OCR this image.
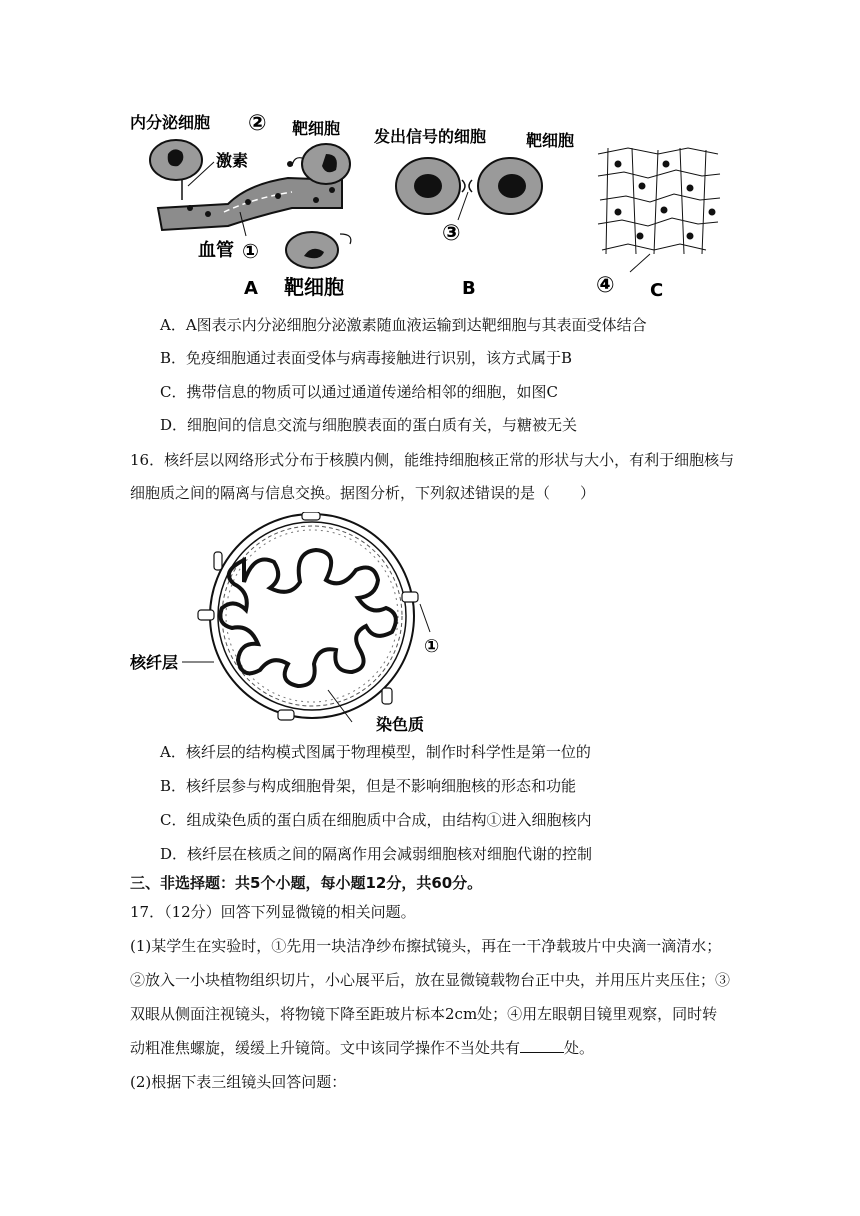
内分泌细胞
激素
血管 ①
② 靶细胞
A 靶细胞
发出信号的细胞 靶细胞
③
B	④ C
A．A图表示内分泌细胞分泌激素随血液运输到达靶细胞与其表面受体结合
B．免疫细胞通过表面受体与病毒接触进行识别，该方式属于B
C．携带信息的物质可以通过通道传递给相邻的细胞，如图C
D．细胞间的信息交流与细胞膜表面的蛋白质有关，与糖被无关
16．核纤层以网络形式分布于核膜内侧，能维持细胞核正常的形状与大小，有利于细胞核与
细胞质之间的隔离与信息交换。据图分析，下列叙述错误的是（　　）
①
核纤层
染色质
A．核纤层的结构模式图属于物理模型，制作时科学性是第一位的
B．核纤层参与构成细胞骨架，但是不影响细胞核的形态和功能
C．组成染色质的蛋白质在细胞质中合成，由结构①进入细胞核内
D．核纤层在核质之间的隔离作用会减弱细胞核对细胞代谢的控制
三、非选择题：共5个小题，每小题12分，共60分。
17．（12分）回答下列显微镜的相关问题。
(1)某学生在实验时，①先用一块洁净纱布擦拭镜头，再在一干净载玻片中央滴一滴清水；
②放入一小块植物组织切片，小心展平后，放在显微镜载物台正中央，并用压片夹压住；③
双眼从侧面注视镜头，将物镜下降至距玻片标本2cm处；④用左眼朝目镜里观察，同时转
动粗准焦螺旋，缓缓上升镜筒。文中该同学操作不当处共有	处。
(2)根据下表三组镜头回答问题：
